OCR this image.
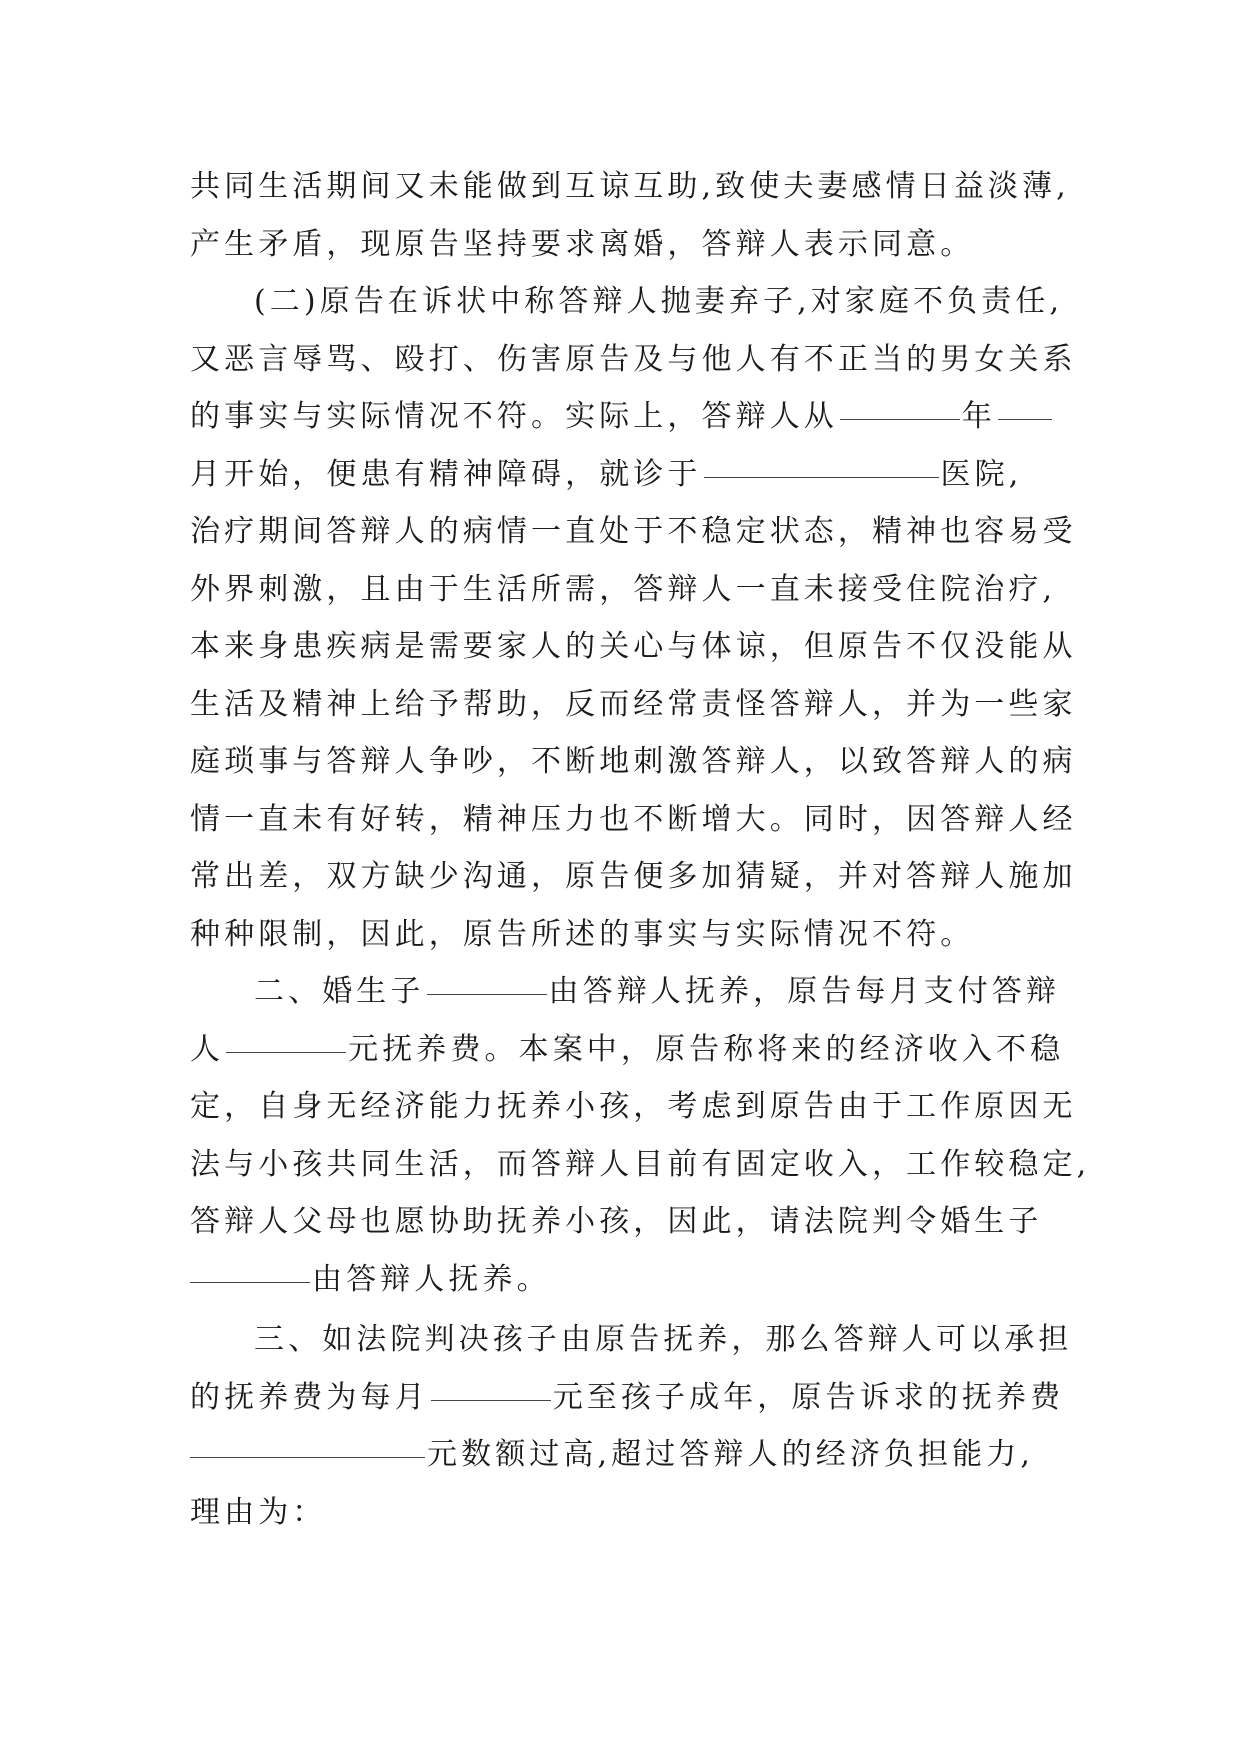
共同生活期间又未能做到互谅互助,致使夫妻感情日益淡薄,
产生矛盾，现原告坚持要求离婚，答辩人表示同意。
(二)原告在诉状中称答辩人抛妻弃子,对家庭不负责任,
又恶言辱骂、殴打、伤害原告及与他人有不正当的男女关系
的事实与实际情况不符。实际上，答辩人从	年
月开始，便患有精神障碍，就诊于	医院,
治疗期间答辩人的病情一直处于不稳定状态，精神也容易受
外界刺激，且由于生活所需，答辩人一直未接受住院治疗,
本来身患疾病是需要家人的关心与体谅，但原告不仅没能从
生活及精神上给予帮助，反而经常责怪答辩人，并为一些家
庭琐事与答辩人争吵，不断地刺激答辩人，以致答辩人的病
情一直未有好转，精神压力也不断增大。同时，因答辩人经
常出差，双方缺少沟通，原告便多加猜疑，并对答辩人施加
种种限制，因此，原告所述的事实与实际情况不符。
二、婚生子	由答辩人抚养，原告每月支付答辩
人	元抚养费。本案中，原告称将来的经济收入不稳
定，自身无经济能力抚养小孩，考虑到原告由于工作原因无
法与小孩共同生活，而答辩人目前有固定收入，工作较稳定,
答辩人父母也愿协助抚养小孩，因此，请法院判令婚生子
由答辩人抚养。
三、如法院判决孩子由原告抚养，那么答辩人可以承担
的抚养费为每月	元至孩子成年，原告诉求的抚养费
元数额过高,超过答辩人的经济负担能力,
理由为：
